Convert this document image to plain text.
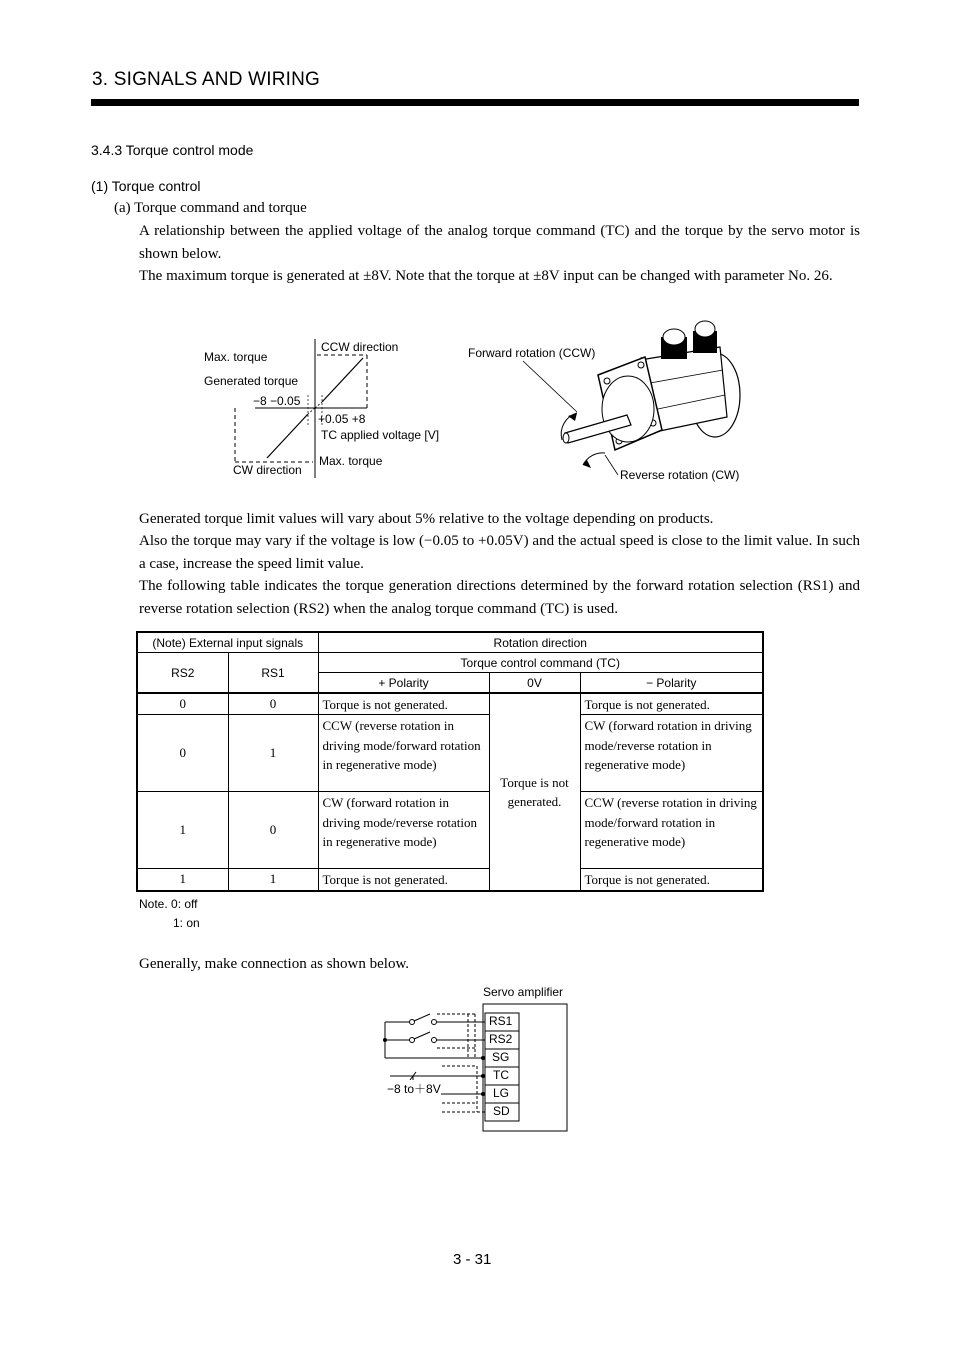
3. SIGNALS AND WIRING
3.4.3 Torque control mode
(1) Torque control
(a) Torque command and torque
A relationship between the applied voltage of the analog torque command (TC) and the torque by the servo motor is shown below.
The maximum torque is generated at ±8V. Note that the torque at ±8V input can be changed with parameter No. 26.
Max. torque
CCW direction
Generated torque
−8 −0.05
+0.05 +8
TC applied voltage [V]
CW direction
Max. torque
Forward rotation (CCW)
Reverse rotation (CW)
Generated torque limit values will vary about 5% relative to the voltage depending on products.
Also the torque may vary if the voltage is low (−0.05 to +0.05V) and the actual speed is close to the limit value. In such a case, increase the speed limit value.
The following table indicates the torque generation directions determined by the forward rotation selection (RS1) and reverse rotation selection (RS2) when the analog torque command (TC) is used.
(Note) External input signals		Rotation direction		
RS2	RS1	Torque control command (TC)		
		+ Polarity	0V	− Polarity
0	0	Torque is not generated.	Torque is not generated.	Torque is not generated.
0	1	CCW (reverse rotation in driving mode/forward rotation in regenerative mode)		CW (forward rotation in driving mode/reverse rotation in regenerative mode)
1	0	CW (forward rotation in driving mode/reverse rotation in regenerative mode)		CCW (reverse rotation in driving mode/forward rotation in regenerative mode)
1	1	Torque is not generated.		Torque is not generated.
Note. 0: off
1: on
Generally, make connection as shown below.
Servo amplifier
RS1
RS2
SG
TC
LG
SD
−8 to＋8V
3 - 31
